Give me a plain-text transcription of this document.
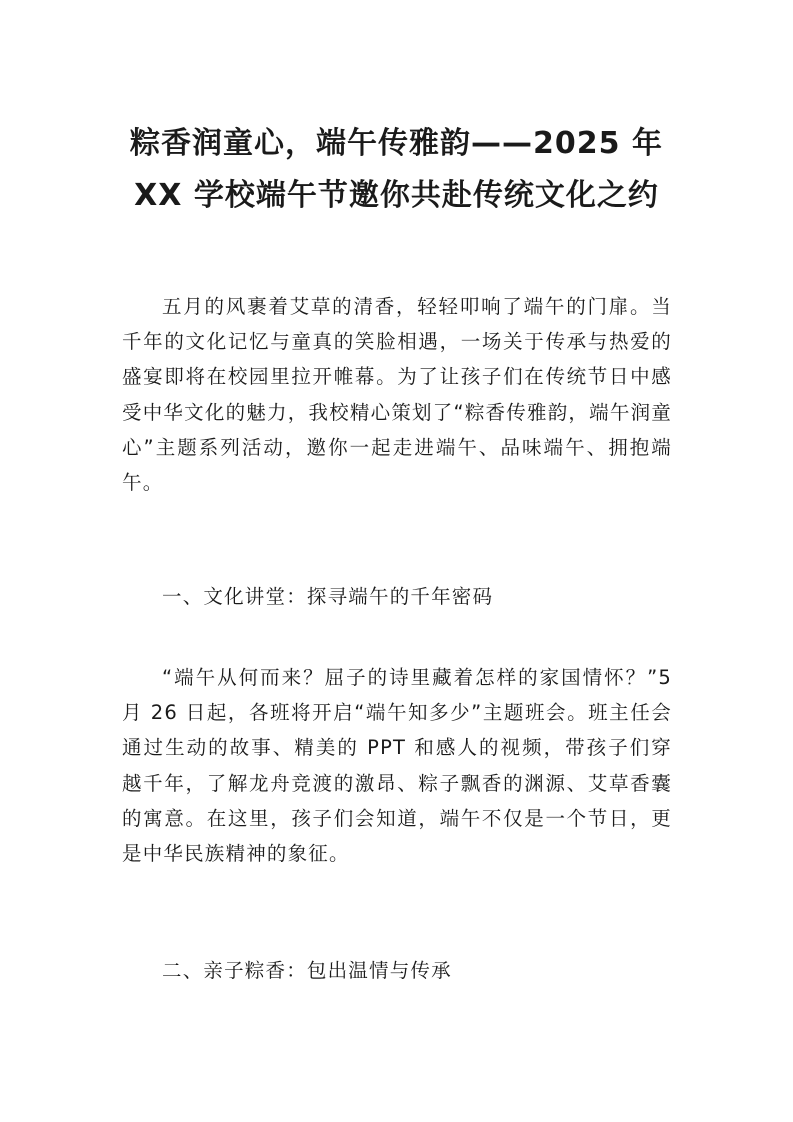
粽香润童心，端午传雅韵——2025 年 XX 学校端午节邀你共赴传统文化之约

五月的风裹着艾草的清香，轻轻叩响了端午的门扉。当千年的文化记忆与童真的笑脸相遇，一场关于传承与热爱的盛宴即将在校园里拉开帷幕。为了让孩子们在传统节日中感受中华文化的魅力，我校精心策划了“粽香传雅韵，端午润童心”主题系列活动，邀你一起走进端午、品味端午、拥抱端午。

一、文化讲堂：探寻端午的千年密码

“端午从何而来？屈子的诗里藏着怎样的家国情怀？”5 月 26 日起，各班将开启“端午知多少”主题班会。班主任会通过生动的故事、精美的 PPT 和感人的视频，带孩子们穿越千年，了解龙舟竞渡的激昂、粽子飘香的渊源、艾草香囊的寓意。在这里，孩子们会知道，端午不仅是一个节日，更是中华民族精神的象征。

二、亲子粽香：包出温情与传承
